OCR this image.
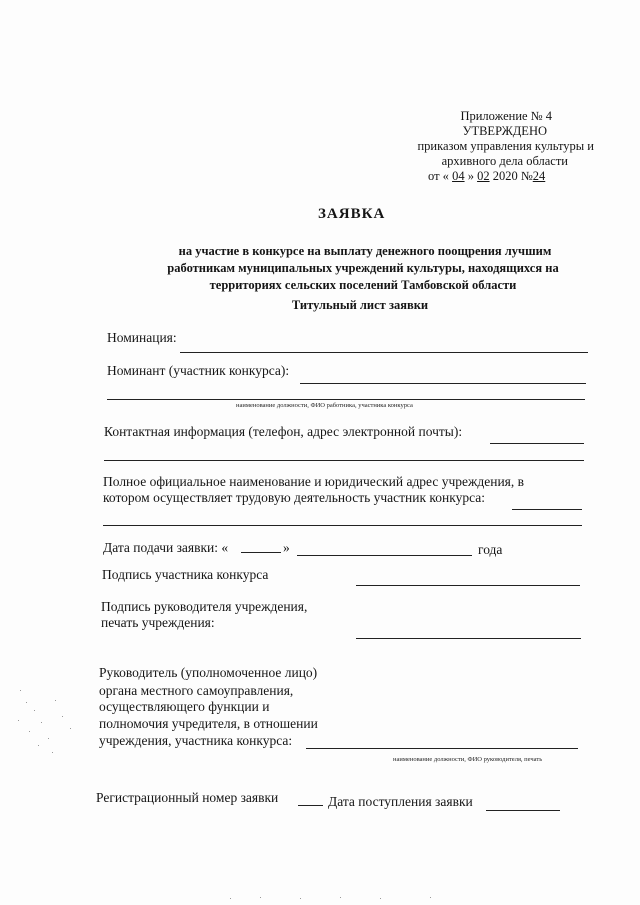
Приложение № 4
УТВЕРЖДЕНО
приказом управления культуры и
архивного дела области
от « 04 » 02 2020 №24
ЗАЯВКА
на участие в конкурсе на выплату денежного поощрения лучшим
работникам муниципальных учреждений культуры, находящихся на
территориях сельских поселений Тамбовской области
Титульный лист заявки
Номинация:
Номинант (участник конкурса):
наименование должности, ФИО работника, участника конкурса
Контактная информация (телефон, адрес электронной почты):
Полное официальное наименование и юридический адрес учреждения, в
котором осуществляет трудовую деятельность участник конкурса:
Дата подачи заявки: «	»	года
Подпись участника конкурса
Подпись руководителя учреждения,
печать учреждения:
Руководитель (уполномоченное лицо)
органа местного самоуправления,
осуществляющего функции и
полномочия учредителя, в отношении
учреждения, участника конкурса:
наименование должности, ФИО руководителя, печать
Регистрационный номер заявки	Дата поступления заявки
